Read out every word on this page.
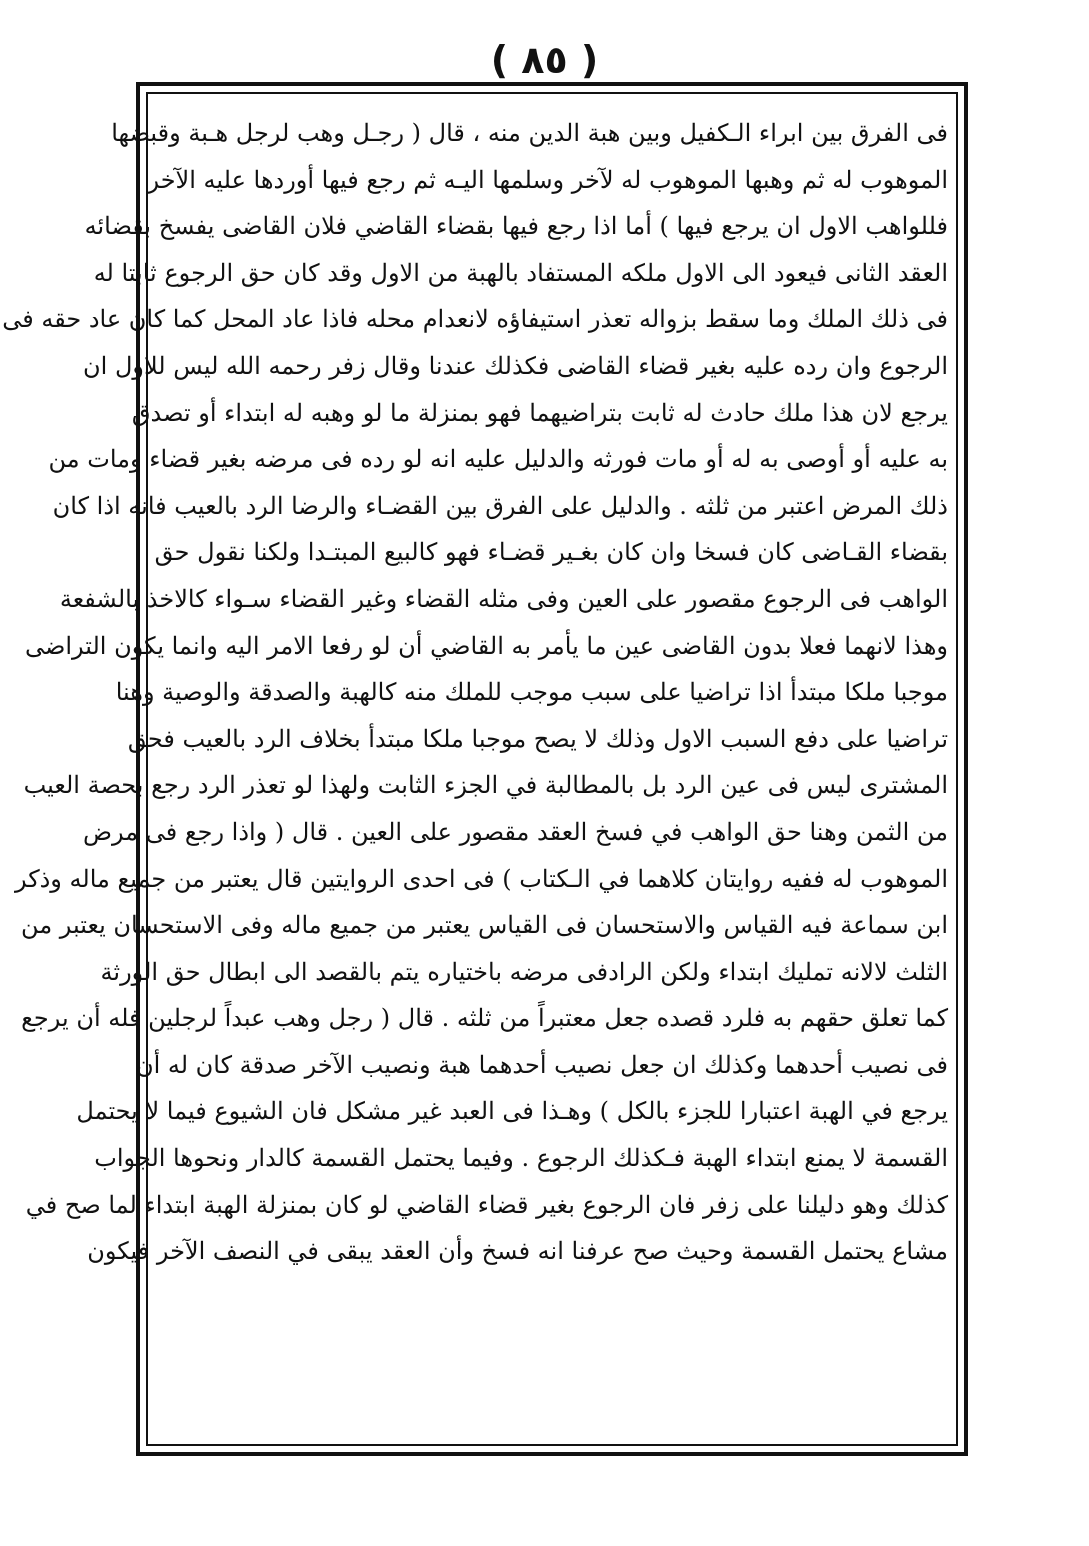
( ٨٥ )
فى الفرق بين ابراء الـكفيل وبين هبة الدين منه ، قال ( رجـل وهب لرجل هـبة وقبضها
الموهوب له ثم وهبها الموهوب له لآخر وسلمها اليـه ثم رجع فيها أوردها عليه الآخر
فللواهب الاول ان يرجع فيها ) أما اذا رجع فيها بقضاء القاضي فلان القاضى يفسخ بقضائه
العقد الثانى فيعود الى الاول ملكه المستفاد بالهبة من الاول وقد كان حق الرجوع ثابتا له
فى ذلك الملك وما سقط بزواله تعذر استيفاؤه لانعدام محله فاذا عاد المحل كما كان عاد حقه فى
الرجوع وان رده عليه بغير قضاء القاضى فكذلك عندنا وقال زفر رحمه الله ليس للاول ان
يرجع لان هذا ملك حادث له ثابت بتراضيهما فهو بمنزلة ما لو وهبه له ابتداء أو تصدق
به عليه أو أوصى به له أو مات فورثه والدليل عليه انه لو رده فى مرضه بغير قضاء ومات من
ذلك المرض اعتبر من ثلثه . والدليل على الفرق بين القضـاء والرضا الرد بالعيب فانه اذا كان
بقضاء القـاضى كان فسخا وان كان بغـير قضـاء فهو كالبيع المبتـدا ولكنا نقول حق
الواهب فى الرجوع مقصور على العين وفى مثله القضاء وغير القضاء سـواء كالاخذ بالشفعة
وهذا لانهما فعلا بدون القاضى عين ما يأمر به القاضي أن لو رفعا الامر اليه وانما يكون التراضى
موجبا ملكا مبتدأ اذا تراضيا على سبب موجب للملك منه كالهبة والصدقة والوصية وهنا
تراضيا على دفع السبب الاول وذلك لا يصح موجبا ملكا مبتدأ بخلاف الرد بالعيب فحق
المشترى ليس فى عين الرد بل بالمطالبة في الجزء الثابت ولهذا لو تعذر الرد رجع بحصة العيب
من الثمن وهنا حق الواهب في فسخ العقد مقصور على العين . قال ( واذا رجع فى مرض
الموهوب له ففيه روايتان كلاهما في الـكتاب ) فى احدى الروايتين قال يعتبر من جميع ماله وذكر
ابن سماعة فيه القياس والاستحسان فى القياس يعتبر من جميع ماله وفى الاستحسان يعتبر من
الثلث لالانه تمليك ابتداء ولكن الرادفى مرضه باختياره يتم بالقصد الى ابطال حق الورثة
كما تعلق حقهم به فلرد قصده جعل معتبراً من ثلثه . قال ( رجل وهب عبداً لرجلين فله أن يرجع
فى نصيب أحدهما وكذلك ان جعل نصيب أحدهما هبة ونصيب الآخر صدقة كان له أن
يرجع في الهبة اعتبارا للجزء بالكل ) وهـذا فى العبد غير مشكل فان الشيوع فيما لا يحتمل
القسمة لا يمنع ابتداء الهبة فـكذلك الرجوع . وفيما يحتمل القسمة كالدار ونحوها الجواب
كذلك وهو دليلنا على زفر فان الرجوع بغير قضاء القاضي لو كان بمنزلة الهبة ابتداء لما صح في
مشاع يحتمل القسمة وحيث صح عرفنا انه فسخ وأن العقد يبقى في النصف الآخر فيكون
